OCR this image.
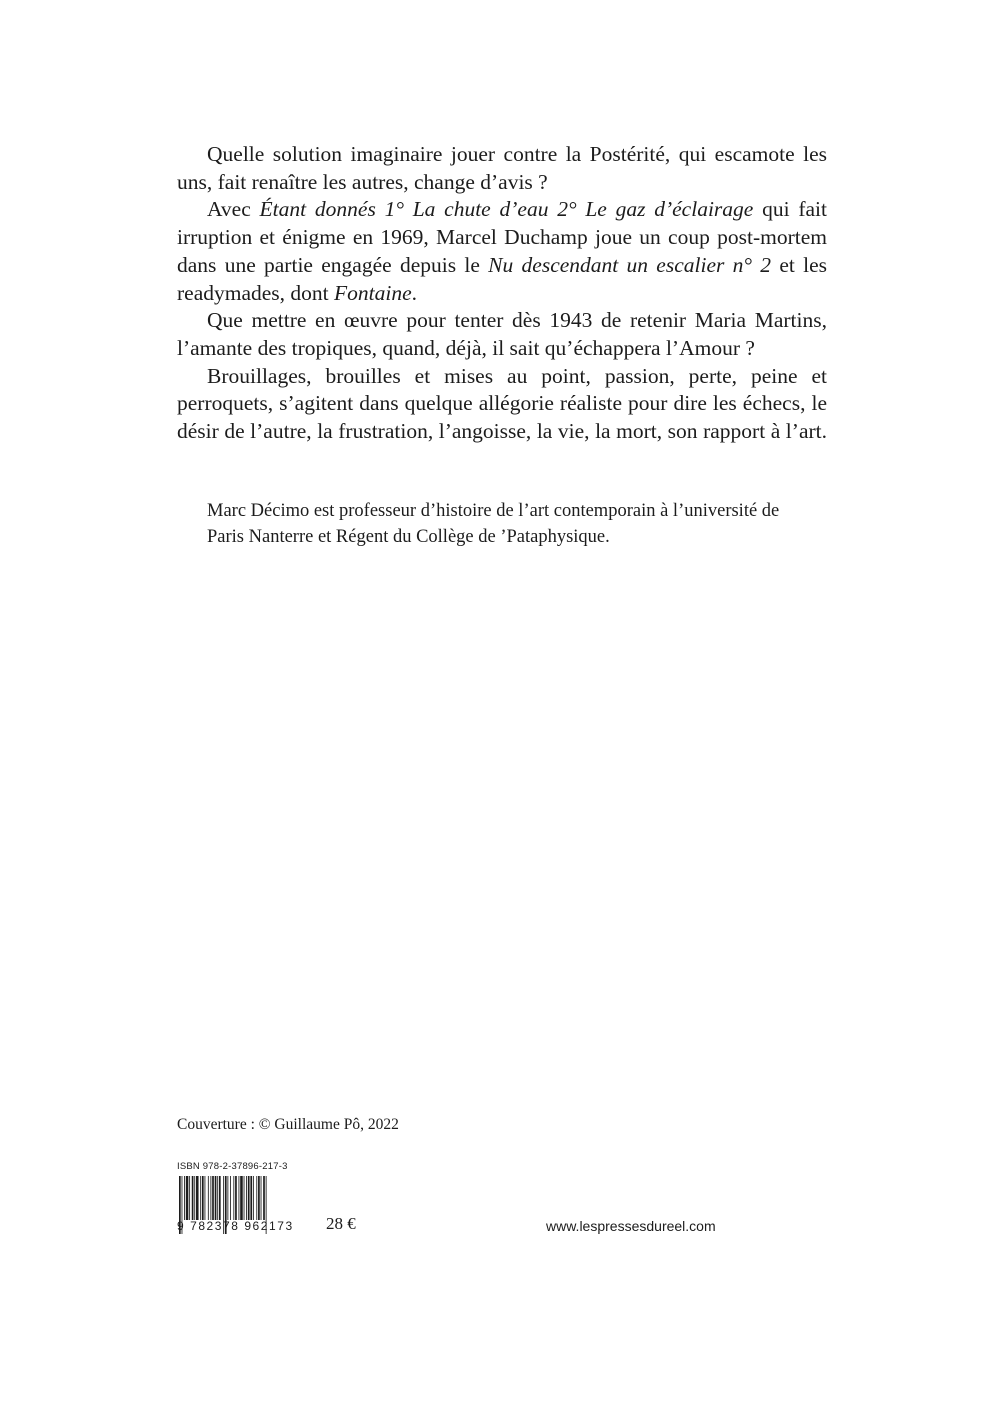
Quelle solution imaginaire jouer contre la Postérité, qui escamote les uns, fait renaître les autres, change d’avis ?

Avec Étant donnés 1° La chute d’eau 2° Le gaz d’éclairage qui fait irruption et énigme en 1969, Marcel Duchamp joue un coup post-mortem dans une partie engagée depuis le Nu descendant un escalier n° 2 et les readymades, dont Fontaine.

Que mettre en œuvre pour tenter dès 1943 de retenir Maria Martins, l’amante des tropiques, quand, déjà, il sait qu’échappera l’Amour ?

Brouillages, brouilles et mises au point, passion, perte, peine et perroquets, s’agitent dans quelque allégorie réaliste pour dire les échecs, le désir de l’autre, la frustration, l’angoisse, la vie, la mort, son rapport à l’art.

Marc Décimo est professeur d’histoire de l’art contemporain à l’université de Paris Nanterre et Régent du Collège de ’Pataphysique.

Couverture : © Guillaume Pô, 2022
ISBN 978-2-37896-217-3
9 782378 962173	28 €	www.lespressesdureel.com
